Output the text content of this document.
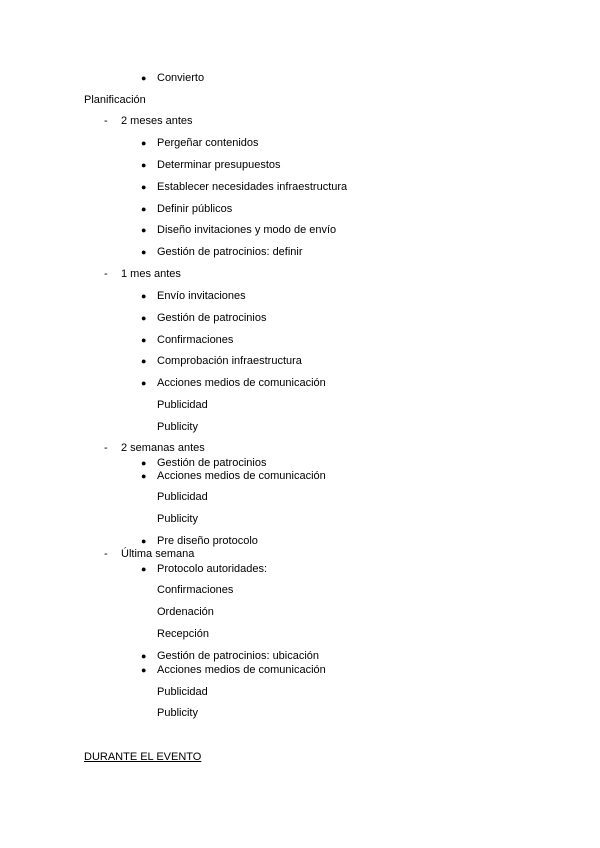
● Convierto
Planificación
- 2 meses antes
● Pergeñar contenidos
● Determinar presupuestos
● Establecer necesidades infraestructura
● Definir públicos
● Diseño invitaciones y modo de envío
● Gestión de patrocinios: definir
- 1 mes antes
● Envío invitaciones
● Gestión de patrocinios
● Confirmaciones
● Comprobación infraestructura
● Acciones medios de comunicación
Publicidad
Publicity
- 2 semanas antes
● Gestión de patrocinios
● Acciones medios de comunicación
Publicidad
Publicity
● Pre diseño protocolo
- Última semana
● Protocolo autoridades:
Confirmaciones
Ordenación
Recepción
● Gestión de patrocinios: ubicación
● Acciones medios de comunicación
Publicidad
Publicity
DURANTE EL EVENTO
